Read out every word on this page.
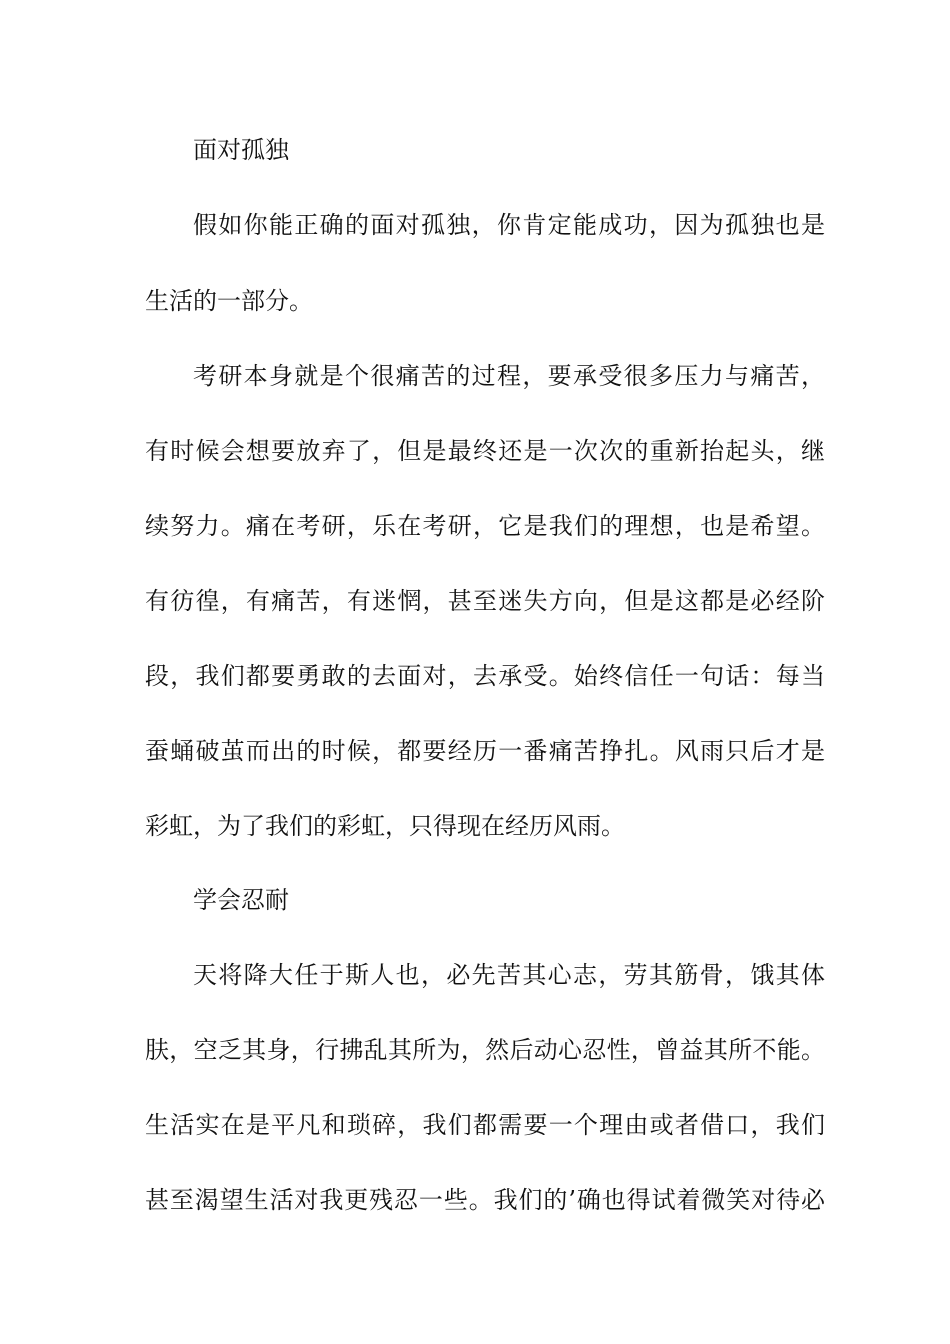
面对孤独

假如你能正确的面对孤独，你肯定能成功，因为孤独也是

生活的一部分。

考研本身就是个很痛苦的过程，要承受很多压力与痛苦，

有时候会想要放弃了，但是最终还是一次次的重新抬起头，继

续努力。痛在考研，乐在考研，它是我们的理想，也是希望。

有彷徨，有痛苦，有迷惘，甚至迷失方向，但是这都是必经阶

段，我们都要勇敢的去面对，去承受。始终信任一句话：每当

蚕蛹破茧而出的时候，都要经历一番痛苦挣扎。风雨只后才是

彩虹，为了我们的彩虹，只得现在经历风雨。

学会忍耐

天将降大任于斯人也，必先苦其心志，劳其筋骨，饿其体

肤，空乏其身，行拂乱其所为，然后动心忍性，曾益其所不能。

生活实在是平凡和琐碎，我们都需要一个理由或者借口，我们

甚至渴望生活对我更残忍一些。我们的’确也得试着微笑对待必
